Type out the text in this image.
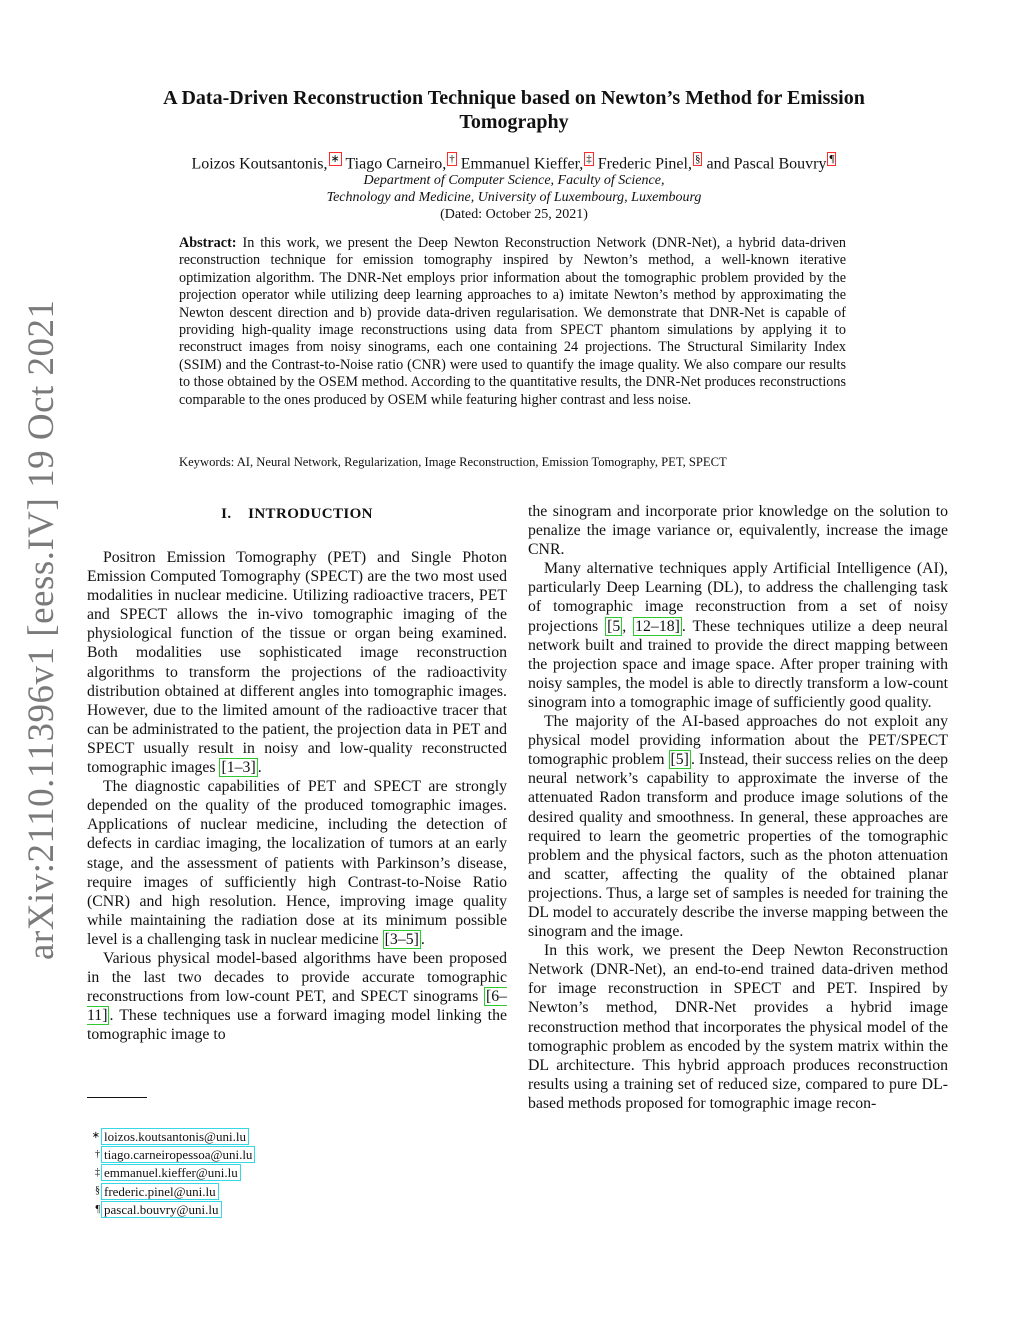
arXiv:2110.11396v1 [eess.IV] 19 Oct 2021
A Data-Driven Reconstruction Technique based on Newton’s Method for Emission
Tomography
Loizos Koutsantonis, ∗ Tiago Carneiro, † Emmanuel Kieffer, ‡ Frederic Pinel, § and Pascal Bouvry ¶
Department of Computer Science, Faculty of Science,
Technology and Medicine, University of Luxembourg, Luxembourg
(Dated: October 25, 2021)
Abstract: In this work, we present the Deep Newton Reconstruction Network (DNR-Net), a hybrid data-driven reconstruction technique for emission tomography inspired by Newton’s method, a well-known iterative optimization algorithm. The DNR-Net employs prior information about the tomographic problem provided by the projection operator while utilizing deep learning approaches to a) imitate Newton’s method by approximating the Newton descent direction and b) provide data-driven regularisation. We demonstrate that DNR-Net is capable of providing high-quality image reconstructions using data from SPECT phantom simulations by applying it to reconstruct images from noisy sinograms, each one containing 24 projections. The Structural Similarity Index (SSIM) and the Contrast-to-Noise ratio (CNR) were used to quantify the image quality. We also compare our results to those obtained by the OSEM method. According to the quantitative results, the DNR-Net produces reconstructions comparable to the ones produced by OSEM while featuring higher contrast and less noise.
Keywords: AI, Neural Network, Regularization, Image Reconstruction, Emission Tomography, PET, SPECT
I.    INTRODUCTION

Positron Emission Tomography (PET) and Single Photon Emission Computed Tomography (SPECT) are the two most used modalities in nuclear medicine. Utilizing radioactive tracers, PET and SPECT allows the in-vivo tomographic imaging of the physiological function of the tissue or organ being examined. Both modalities use sophisticated image reconstruction algorithms to transform the projections of the radioactivity distribution obtained at different angles into tomographic images. However, due to the limited amount of the radioactive tracer that can be administrated to the patient, the projection data in PET and SPECT usually result in noisy and low-quality reconstructed tomographic images [1–3] .

The diagnostic capabilities of PET and SPECT are strongly depended on the quality of the produced tomographic images. Applications of nuclear medicine, including the detection of defects in cardiac imaging, the localization of tumors at an early stage, and the assessment of patients with Parkinson’s disease, require images of sufficiently high Contrast-to-Noise Ratio (CNR) and high resolution. Hence, improving image quality while maintaining the radiation dose at its minimum possible level is a challenging task in nuclear medicine [3–5] .

Various physical model-based algorithms have been proposed in the last two decades to provide accurate tomographic reconstructions from low-count PET, and SPECT sinograms [6–11] . These techniques use a forward imaging model linking the tomographic image to

the sinogram and incorporate prior knowledge on the solution to penalize the image variance or, equivalently, increase the image CNR.

Many alternative techniques apply Artificial Intelligence (AI), particularly Deep Learning (DL), to address the challenging task of tomographic image reconstruction from a set of noisy projections [5 , 12–18] . These techniques utilize a deep neural network built and trained to provide the direct mapping between the projection space and image space. After proper training with noisy samples, the model is able to directly transform a low-count sinogram into a tomographic image of sufficiently good quality.

The majority of the AI-based approaches do not exploit any physical model providing information about the PET/SPECT tomographic problem [5] . Instead, their success relies on the deep neural network’s capability to approximate the inverse of the attenuated Radon transform and produce image solutions of the desired quality and smoothness. In general, these approaches are required to learn the geometric properties of the tomographic problem and the physical factors, such as the photon attenuation and scatter, affecting the quality of the obtained planar projections. Thus, a large set of samples is needed for training the DL model to accurately describe the inverse mapping between the sinogram and the image.

In this work, we present the Deep Newton Reconstruction Network (DNR-Net), an end-to-end trained data-driven method for image reconstruction in SPECT and PET. Inspired by Newton’s method, DNR-Net provides a hybrid image reconstruction method that incorporates the physical model of the tomographic problem as encoded by the system matrix within the DL architecture. This hybrid approach produces reconstruction results using a training set of reduced size, compared to pure DL-based methods proposed for tomographic image recon-

∗ loizos.koutsantonis@uni.lu
† tiago.carneiropessoa@uni.lu
‡ emmanuel.kieffer@uni.lu
§ frederic.pinel@uni.lu
¶ pascal.bouvry@uni.lu
